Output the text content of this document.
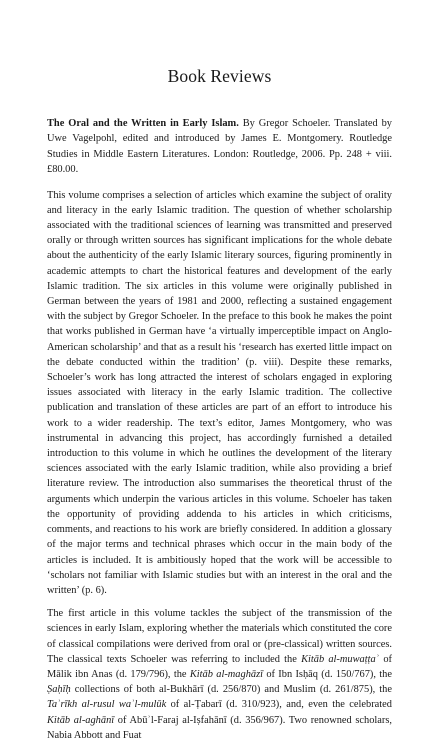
Book Reviews

The Oral and the Written in Early Islam. By Gregor Schoeler. Translated by Uwe Vagelpohl, edited and introduced by James E. Montgomery. Routledge Studies in Middle Eastern Literatures. London: Routledge, 2006. Pp. 248 + viii. £80.00.

This volume comprises a selection of articles which examine the subject of orality and literacy in the early Islamic tradition. The question of whether scholarship associated with the traditional sciences of learning was transmitted and preserved orally or through written sources has significant implications for the whole debate about the authenticity of the early Islamic literary sources, figuring prominently in academic attempts to chart the historical features and development of the early Islamic tradition. The six articles in this volume were originally published in German between the years of 1981 and 2000, reflecting a sustained engagement with the subject by Gregor Schoeler. In the preface to this book he makes the point that works published in German have ‘a virtually imperceptible impact on Anglo-American scholarship’ and that as a result his ‘research has exerted little impact on the debate conducted within the tradition’ (p. viii). Despite these remarks, Schoeler’s work has long attracted the interest of scholars engaged in exploring issues associated with literacy in the early Islamic tradition. The collective publication and translation of these articles are part of an effort to introduce his work to a wider readership. The text’s editor, James Montgomery, who was instrumental in advancing this project, has accordingly furnished a detailed introduction to this volume in which he outlines the development of the literary sciences associated with the early Islamic tradition, while also providing a brief literature review. The introduction also summarises the theoretical thrust of the arguments which underpin the various articles in this volume. Schoeler has taken the opportunity of providing addenda to his articles in which criticisms, comments, and reactions to his work are briefly considered. In addition a glossary of the major terms and technical phrases which occur in the main body of the articles is included. It is ambitiously hoped that the work will be accessible to ‘scholars not familiar with Islamic studies but with an interest in the oral and the written’ (p. 6).

The first article in this volume tackles the subject of the transmission of the sciences in early Islam, exploring whether the materials which constituted the core of classical compilations were derived from oral or (pre-classical) written sources. The classical texts Schoeler was referring to included the Kitāb al-muwaṭṭaʾ of Mālik ibn Anas (d. 179/796), the Kitāb al-maghāzī of Ibn Isḥāq (d. 150/767), the Ṣaḥīḥ collections of both al-Bukhārī (d. 256/870) and Muslim (d. 261/875), the Taʾrīkh al-rusul waʾl-mulūk of al-Ṭabarī (d. 310/923), and, even the celebrated Kitāb al-aghānī of Abūʾl-Faraj al-Iṣfahānī (d. 356/967). Two renowned scholars, Nabia Abbott and Fuat
